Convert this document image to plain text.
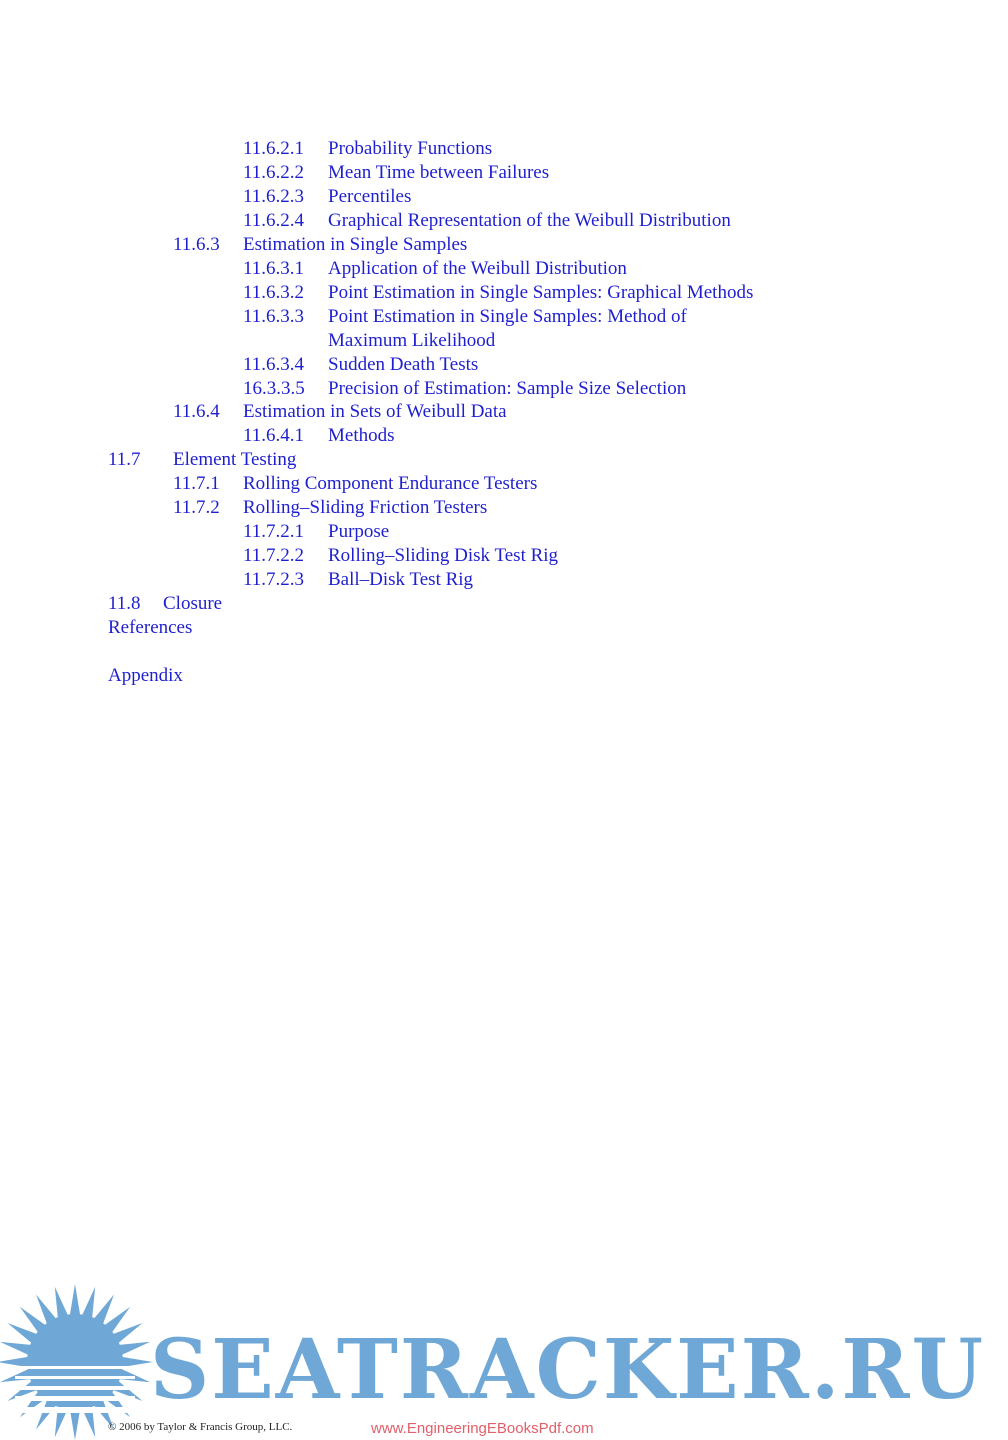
11.6.2.1 Probability Functions
11.6.2.2 Mean Time between Failures
11.6.2.3 Percentiles
11.6.2.4 Graphical Representation of the Weibull Distribution
11.6.3 Estimation in Single Samples
11.6.3.1 Application of the Weibull Distribution
11.6.3.2 Point Estimation in Single Samples: Graphical Methods
11.6.3.3 Point Estimation in Single Samples: Method of
Maximum Likelihood
11.6.3.4 Sudden Death Tests
16.3.3.5 Precision of Estimation: Sample Size Selection
11.6.4 Estimation in Sets of Weibull Data
11.6.4.1 Methods
11.7 Element Testing
11.7.1 Rolling Component Endurance Testers
11.7.2 Rolling–Sliding Friction Testers
11.7.2.1 Purpose
11.7.2.2 Rolling–Sliding Disk Test Rig
11.7.2.3 Ball–Disk Test Rig
11.8 Closure
References
Appendix
SEATRACKER.RU
© 2006 by Taylor & Francis Group, LLC.	www.EngineeringEBooksPdf.com
